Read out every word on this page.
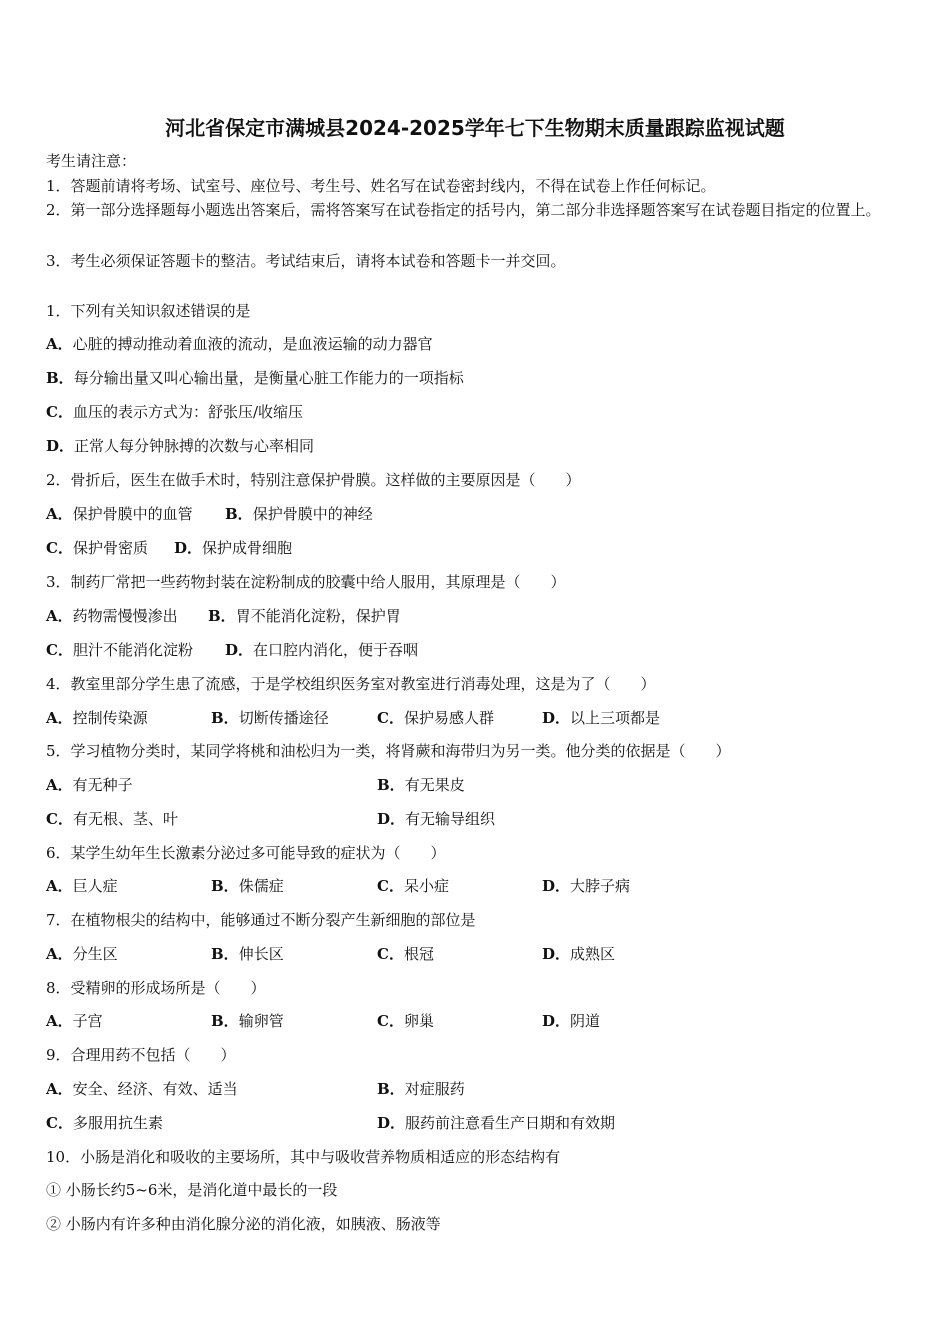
河北省保定市满城县2024-2025学年七下生物期末质量跟踪监视试题
考生请注意：
1．答题前请将考场、试室号、座位号、考生号、姓名写在试卷密封线内，不得在试卷上作任何标记。
2．第一部分选择题每小题选出答案后，需将答案写在试卷指定的括号内，第二部分非选择题答案写在试卷题目指定的位置上。
3．考生必须保证答题卡的整洁。考试结束后，请将本试卷和答题卡一并交回。
1．下列有关知识叙述错误的是
A．心脏的搏动推动着血液的流动，是血液运输的动力器官
B．每分输出量又叫心输出量，是衡量心脏工作能力的一项指标
C．血压的表示方式为：舒张压/收缩压
D．正常人每分钟脉搏的次数与心率相同
2．骨折后，医生在做手术时，特别注意保护骨膜。这样做的主要原因是（　　）
A．保护骨膜中的血管 B．保护骨膜中的神经
C．保护骨密质 D．保护成骨细胞
3．制药厂常把一些药物封装在淀粉制成的胶囊中给人服用，其原理是（　　）
A．药物需慢慢渗出 B．胃不能消化淀粉，保护胃
C．胆汁不能消化淀粉 D．在口腔内消化，便于吞咽
4．教室里部分学生患了流感，于是学校组织医务室对教室进行消毒处理，这是为了（　　）
A．控制传染源	B．切断传播途径	C．保护易感人群	D．以上三项都是
5．学习植物分类时，某同学将桃和油松归为一类，将肾蕨和海带归为另一类。他分类的依据是（　　）
A．有无种子	B．有无果皮
C．有无根、茎、叶	D．有无输导组织
6．某学生幼年生长激素分泌过多可能导致的症状为（　　）
A．巨人症	B．侏儒症	C．呆小症	D．大脖子病
7．在植物根尖的结构中，能够通过不断分裂产生新细胞的部位是
A．分生区	B．伸长区	C．根冠	D．成熟区
8．受精卵的形成场所是（　　）
A．子宫	B．输卵管	C．卵巢	D．阴道
9．合理用药不包括（　　）
A．安全、经济、有效、适当	B．对症服药
C．多服用抗生素	D．服药前注意看生产日期和有效期
10．小肠是消化和吸收的主要场所，其中与吸收营养物质相适应的形态结构有
① 小肠长约5~6米，是消化道中最长的一段
② 小肠内有许多种由消化腺分泌的消化液，如胰液、肠液等
